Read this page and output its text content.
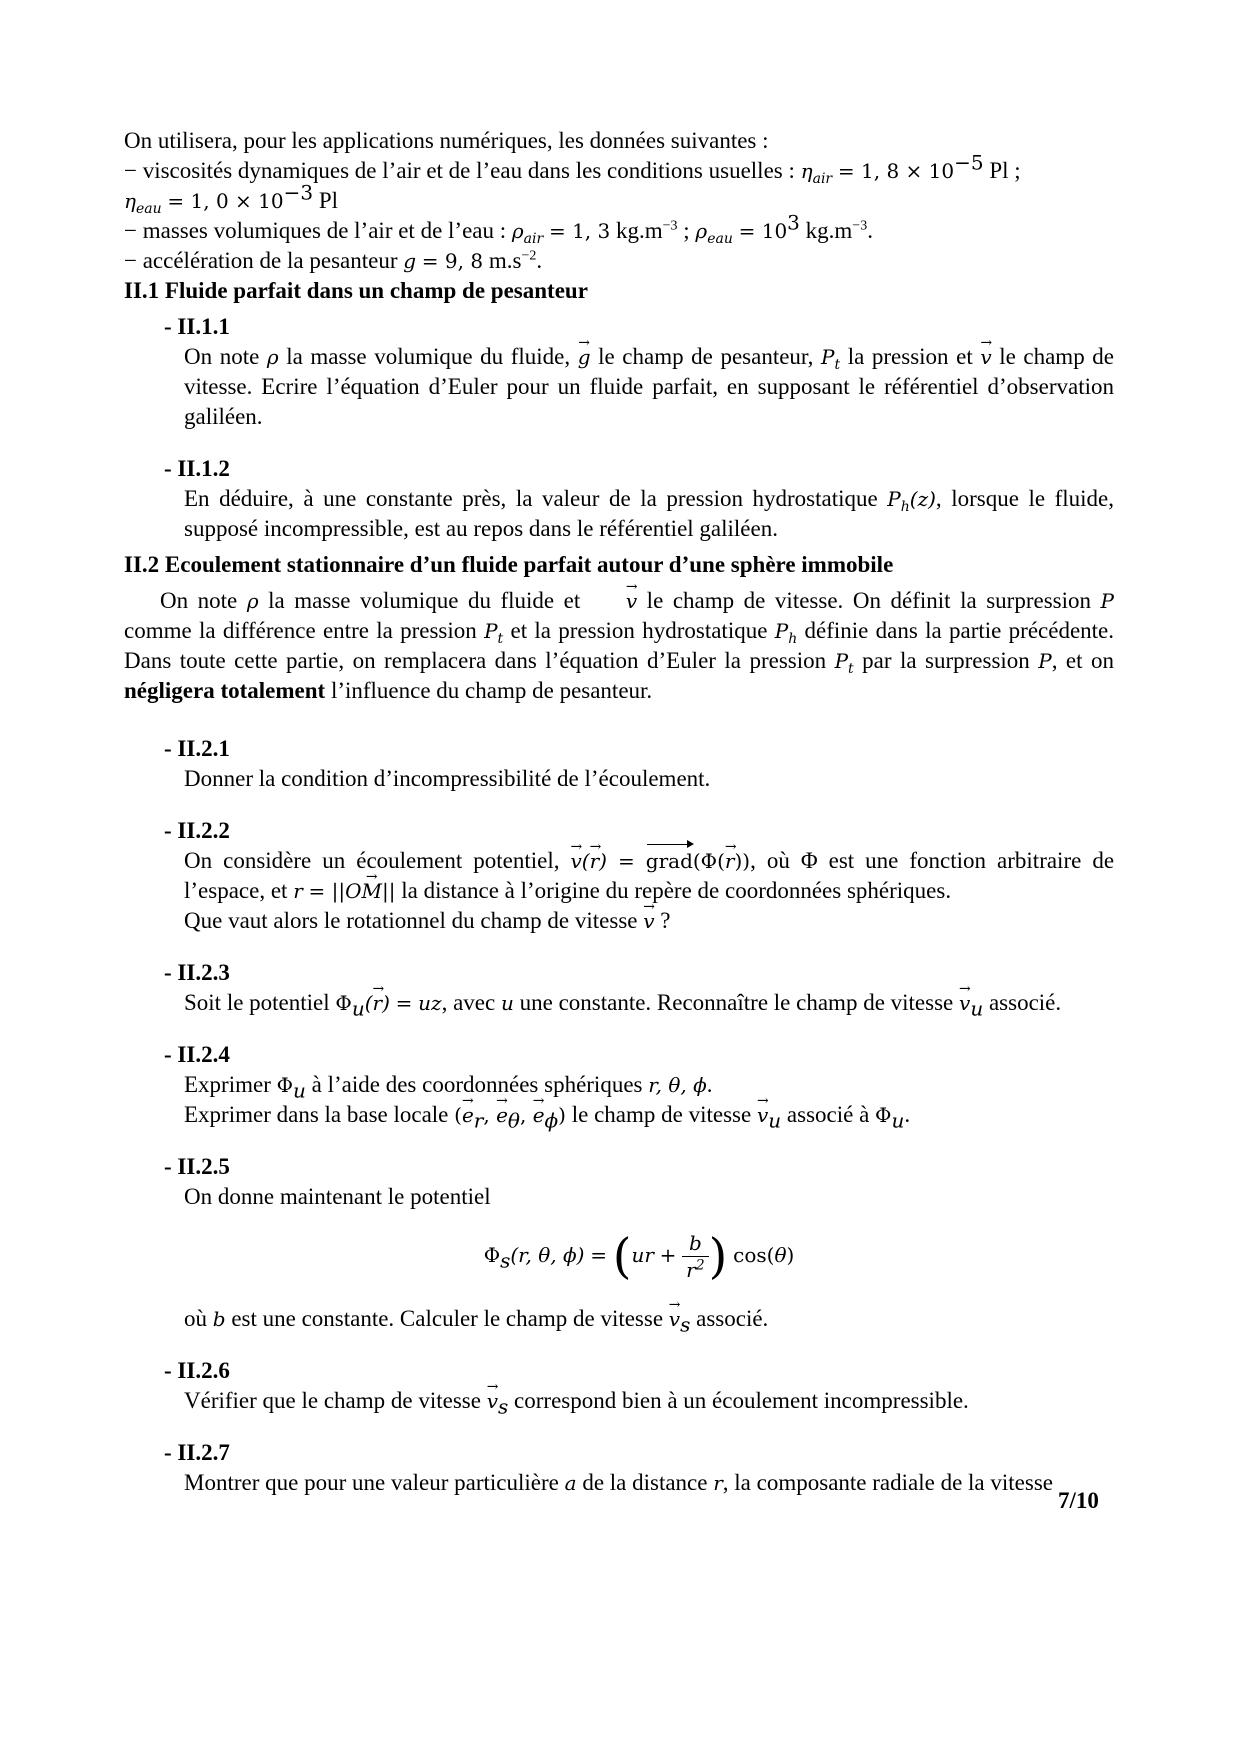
On utilisera, pour les applications numériques, les données suivantes :

− viscosités dynamiques de l’air et de l’eau dans les conditions usuelles : $\eta_{air} = 1$, $8 \times 10^{-5}$ Pl ;

$\eta_{eau} = 1$, $0 \times 10^{-3}$ Pl

− masses volumiques de l’air et de l’eau : $\rho_{air} = 1$, 3 $kg.m^{-3}$ ; $\rho_{eau} = 10^3$ $kg.m^{-3}$.

− accélération de la pesanteur g = 9, 8 $m.s^{-2}$.

II.1 Fluide parfait dans un champ de pesanteur

- II.1.1

On note ρ la masse volumique du fluide, → g le champ de pesanteur, $P_t$ la pression et → v le champ de vitesse. Ecrire l’équation d’Euler pour un fluide parfait, en supposant le référentiel d’observation galiléen.

- II.1.2

En déduire, à une constante près, la valeur de la pression hydrostatique $P_h(z)$, lorsque le fluide, supposé incompressible, est au repos dans le référentiel galiléen.

II.2 Ecoulement stationnaire d’un fluide parfait autour d’une sphère immobile

On note ρ la masse volumique du fluide et → v le champ de vitesse. On définit la surpression P comme la différence entre la pression $P_t$ et la pression hydrostatique $P_h$ définie dans la partie précédente. Dans toute cette partie, on remplacera dans l’équation d’Euler la pression $P_t$ par la surpression P, et on négligera totalement l’influence du champ de pesanteur.

- II.2.1

Donner la condition d’incompressibilité de l’écoulement.

- II.2.2

On considère un écoulement potentiel, → v(→ r) = grad(Φ(→ r)), où Φ est une fonction arbitraire de l’espace, et r = ||O→ M|| la distance à l’origine du repère de coordonnées sphériques.

Que vaut alors le rotationnel du champ de vitesse → v ?

- II.2.3

Soit le potentiel $\Phi_u(\to r)$ = uz, avec u une constante. Reconnaître le champ de vitesse → $v_u$ associé.

- II.2.4

Exprimer $\Phi_u$ à l’aide des coordonnées sphériques r, θ, ϕ.

Exprimer dans la base locale (→ $e_r$, → $e_\theta$, → $e_\phi$) le champ de vitesse → $v_u$ associé à $\Phi_u$.

- II.2.5

On donne maintenant le potentiel

$\Phi_s(r$, θ, $\phi) = (ur + \frac{b}{r^2}$ ) cos(θ)

où b est une constante. Calculer le champ de vitesse → $v_s$ associé.

- II.2.6

Vérifier que le champ de vitesse → $v_s$ correspond bien à un écoulement incompressible.

- II.2.7

Montrer que pour une valeur particulière a de la distance r, la composante radiale de la vitesse

7/10
